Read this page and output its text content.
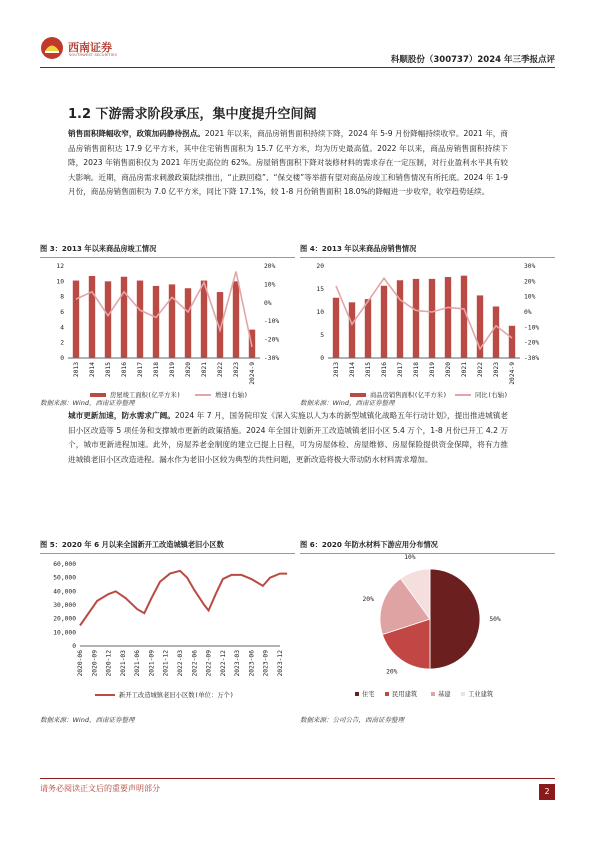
西南证券
SOUTHWEST SECURITIES	科顺股份（300737）2024 年三季报点评
1.2 下游需求阶段承压，集中度提升空间阔

销售面积降幅收窄，政策加码静待拐点。2021 年以来，商品房销售面积持续下降，2024 年 5-9 月份降幅持续收窄。2021 年，商品房销售面积达 17.9 亿平方米，其中住宅销售面积为 15.7 亿平方米，均为历史最高值。2022 年以来，商品房销售面积持续下降，2023 年销售面积仅为 2021 年历史高位的 62%。房屋销售面积下降对装修材料的需求存在一定压制，对行业盈利水平具有较大影响。近期，商品房需求刺激政策陆续推出，“止跌回稳”、“保交楼”等举措有望对商品房竣工和销售情况有所托底。2024 年 1-9 月份，商品房销售面积为 7.0 亿平方米，同比下降 17.1%，较 1-8 月份销售面积 18.0%的降幅进一步收窄，收窄趋势延续。

图 3：2013 年以来商品房竣工情况
0
2
4
6
8
10
12
-30%
-20%
-10%
0%
10%
20%
2013 2014 2015 2016 2017 2018 2019 2020 2021 2022 2023 2024-9
房屋竣工面积(亿平方米)	增速(右轴)
数据来源：Wind，西南证券整理
图 4：2013 年以来商品房销售情况
0
5
10
15
20
-30%
-20%
-10%
0%
10%
20%
30%
2013 2014 2015 2016 2017 2018 2019 2020 2021 2022 2023 2024-9
商品房销售面积(亿平方米)	同比(右轴)
数据来源：Wind，西南证券整理

城市更新加速，防水需求广阔。2024 年 7 月，国务院印发《深入实施以人为本的新型城镇化战略五年行动计划》，提出推进城镇老旧小区改造等 5 项任务和支撑城市更新的政策措施。2024 年全国计划新开工改造城镇老旧小区 5.4 万个，1-8 月份已开工 4.2 万个，城市更新进程加速。此外，房屋养老金制度的建立已提上日程，可为房屋体检、房屋维修、房屋保险提供资金保障，将有力推进城镇老旧小区改造进程。漏水作为老旧小区较为典型的共性问题，更新改造将极大带动防水材料需求增加。

图 5：2020 年 6 月以来全国新开工改造城镇老旧小区数
0
10,000
20,000
30,000
40,000
50,000
60,000
2020-06 2020-09 2020-12 2021-03 2021-06 2021-09 2021-12 2022-03 2022-06 2022-09 2022-12 2023-03 2023-06 2023-09 2023-12
新开工改造城镇老旧小区数(单位：万个)
数据来源：Wind，西南证券整理
图 6：2020 年防水材料下游应用分布情况
50%
20%
20%
10%
住宅	民用建筑	基建	工业建筑
数据来源：公司公告，西南证券整理
请务必阅读正文后的重要声明部分	2
